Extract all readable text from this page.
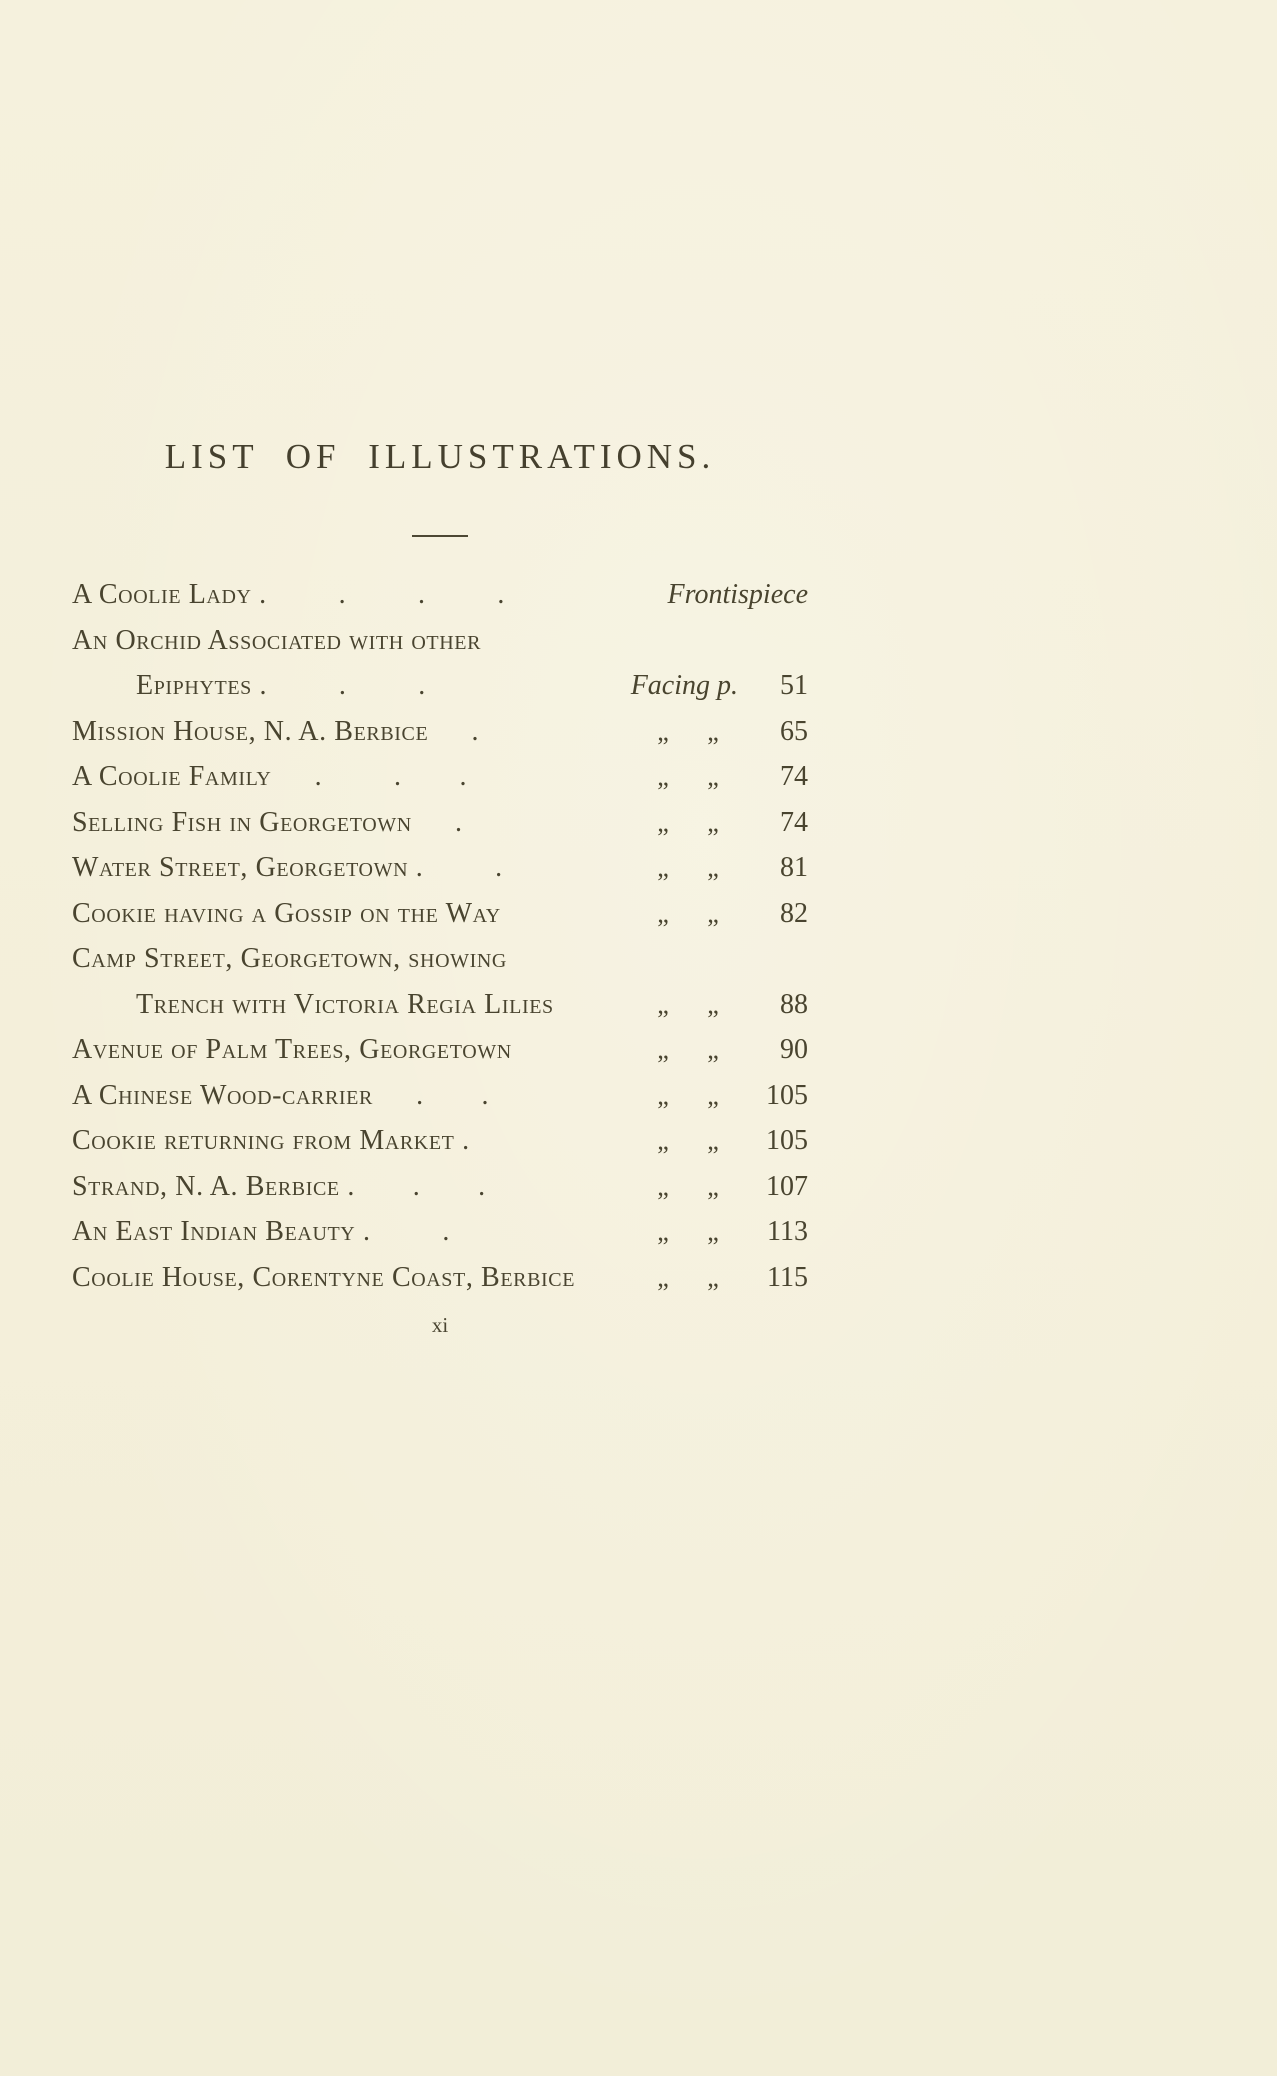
LIST OF ILLUSTRATIONS.
A Coolie Lady .   .   .   .	Frontispiece
An Orchid Associated with other
Epiphytes .   .   .	Facing p.	51
Mission House, N. A. Berbice  .	„	„	65
A Coolie Family  .   .   .	„	„	74
Selling Fish in Georgetown  .	„	„	74
Water Street, Georgetown .   .	„	„	81
Cookie having a Gossip on the Way	„	„	82
Camp Street, Georgetown, showing
Trench with Victoria Regia Lilies	„	„	88
Avenue of Palm Trees, Georgetown	„	„	90
A Chinese Wood-carrier  .   .	„	„	105
Cookie returning from Market .	„	„	105
Strand, N. A. Berbice .   .   .	„	„	107
An East Indian Beauty .   .	„	„	113
Coolie House, Corentyne Coast, Berbice	„	„	115
xi
